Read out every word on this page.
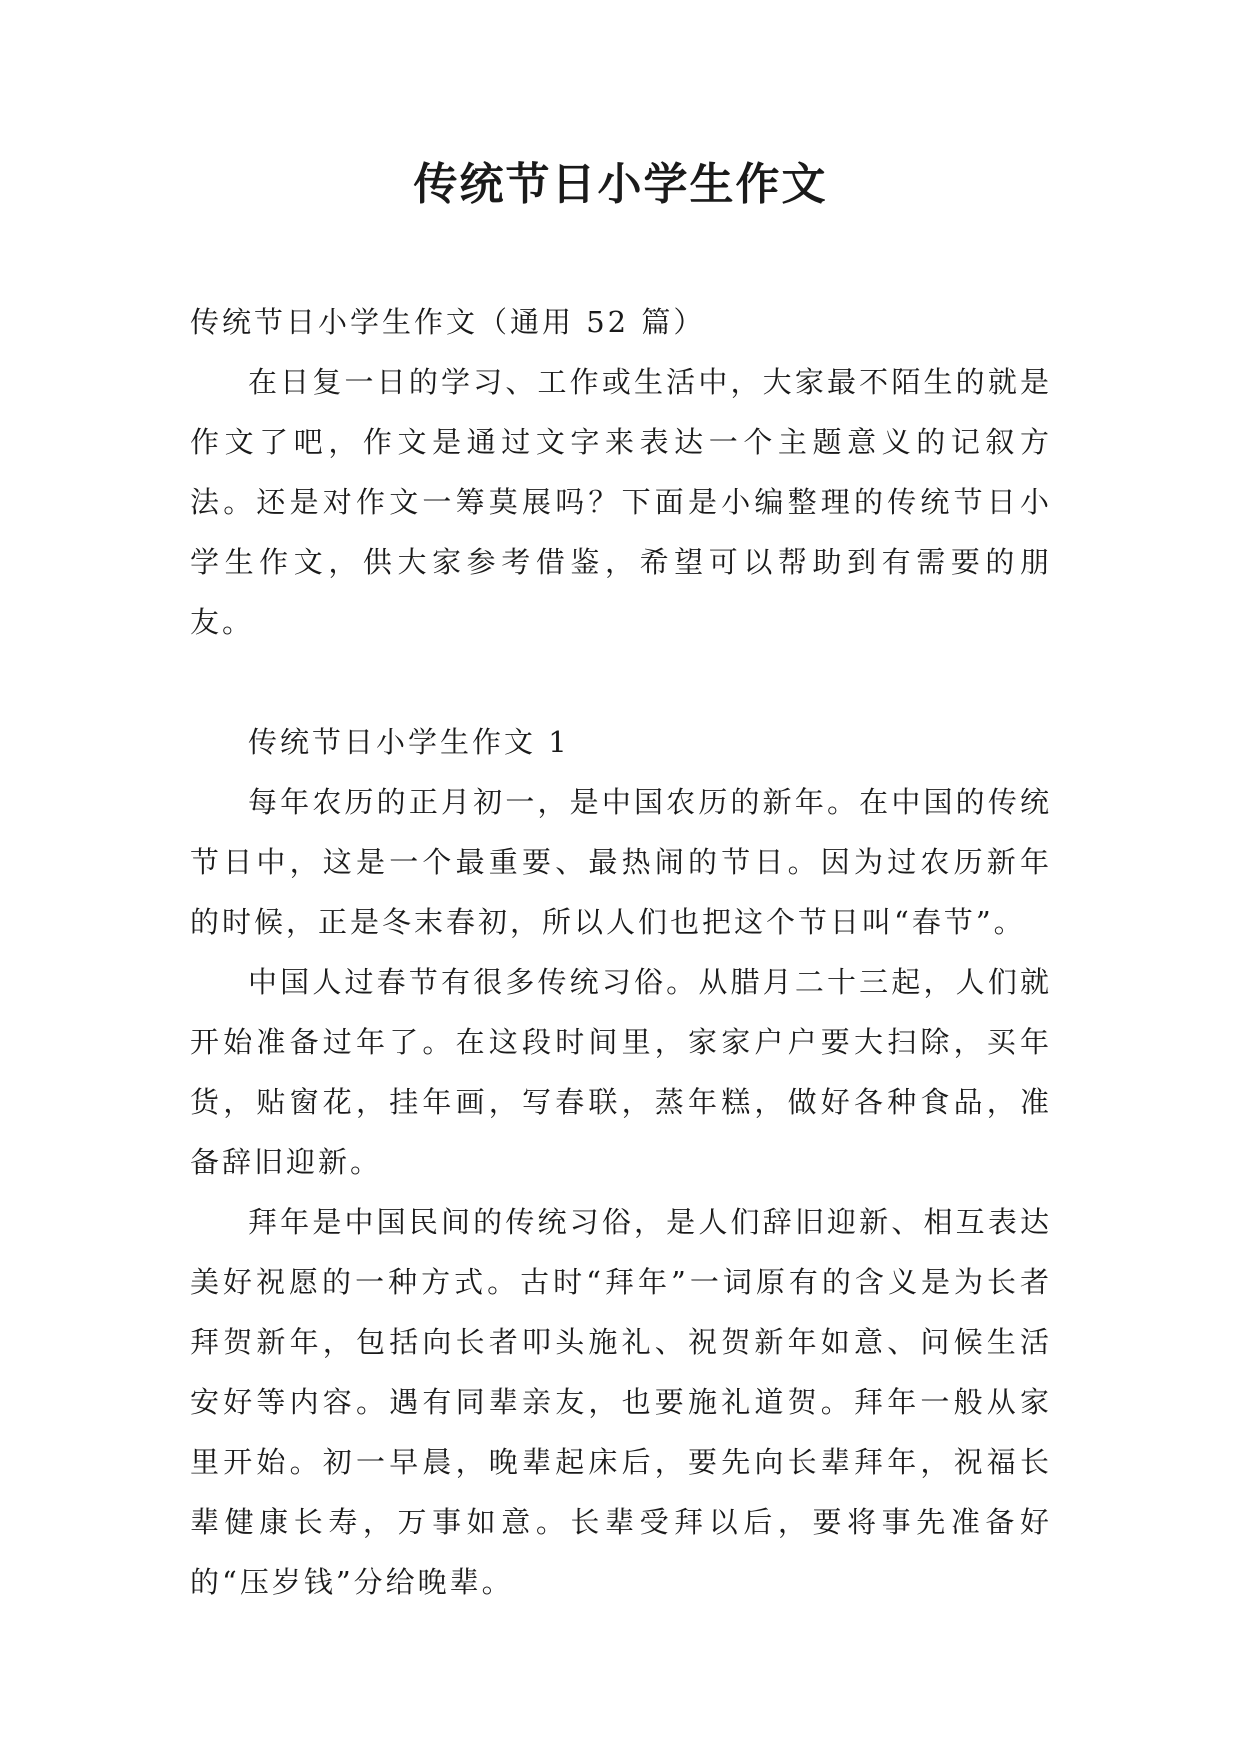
传统节日小学生作文

传统节日小学生作文（通用 52 篇）

在日复一日的学习、工作或生活中，大家最不陌生的就是作文了吧，作文是通过文字来表达一个主题意义的记叙方法。还是对作文一筹莫展吗？下面是小编整理的传统节日小学生作文，供大家参考借鉴，希望可以帮助到有需要的朋友。

传统节日小学生作文 1

每年农历的正月初一，是中国农历的新年。在中国的传统节日中，这是一个最重要、最热闹的节日。因为过农历新年的时候，正是冬末春初，所以人们也把这个节日叫“春节”。

中国人过春节有很多传统习俗。从腊月二十三起，人们就开始准备过年了。在这段时间里，家家户户要大扫除，买年货，贴窗花，挂年画，写春联，蒸年糕，做好各种食品，准备辞旧迎新。

拜年是中国民间的传统习俗，是人们辞旧迎新、相互表达美好祝愿的一种方式。古时“拜年”一词原有的含义是为长者拜贺新年，包括向长者叩头施礼、祝贺新年如意、问候生活安好等内容。遇有同辈亲友，也要施礼道贺。拜年一般从家里开始。初一早晨，晚辈起床后，要先向长辈拜年，祝福长辈健康长寿，万事如意。长辈受拜以后，要将事先准备好的“压岁钱”分给晚辈。
